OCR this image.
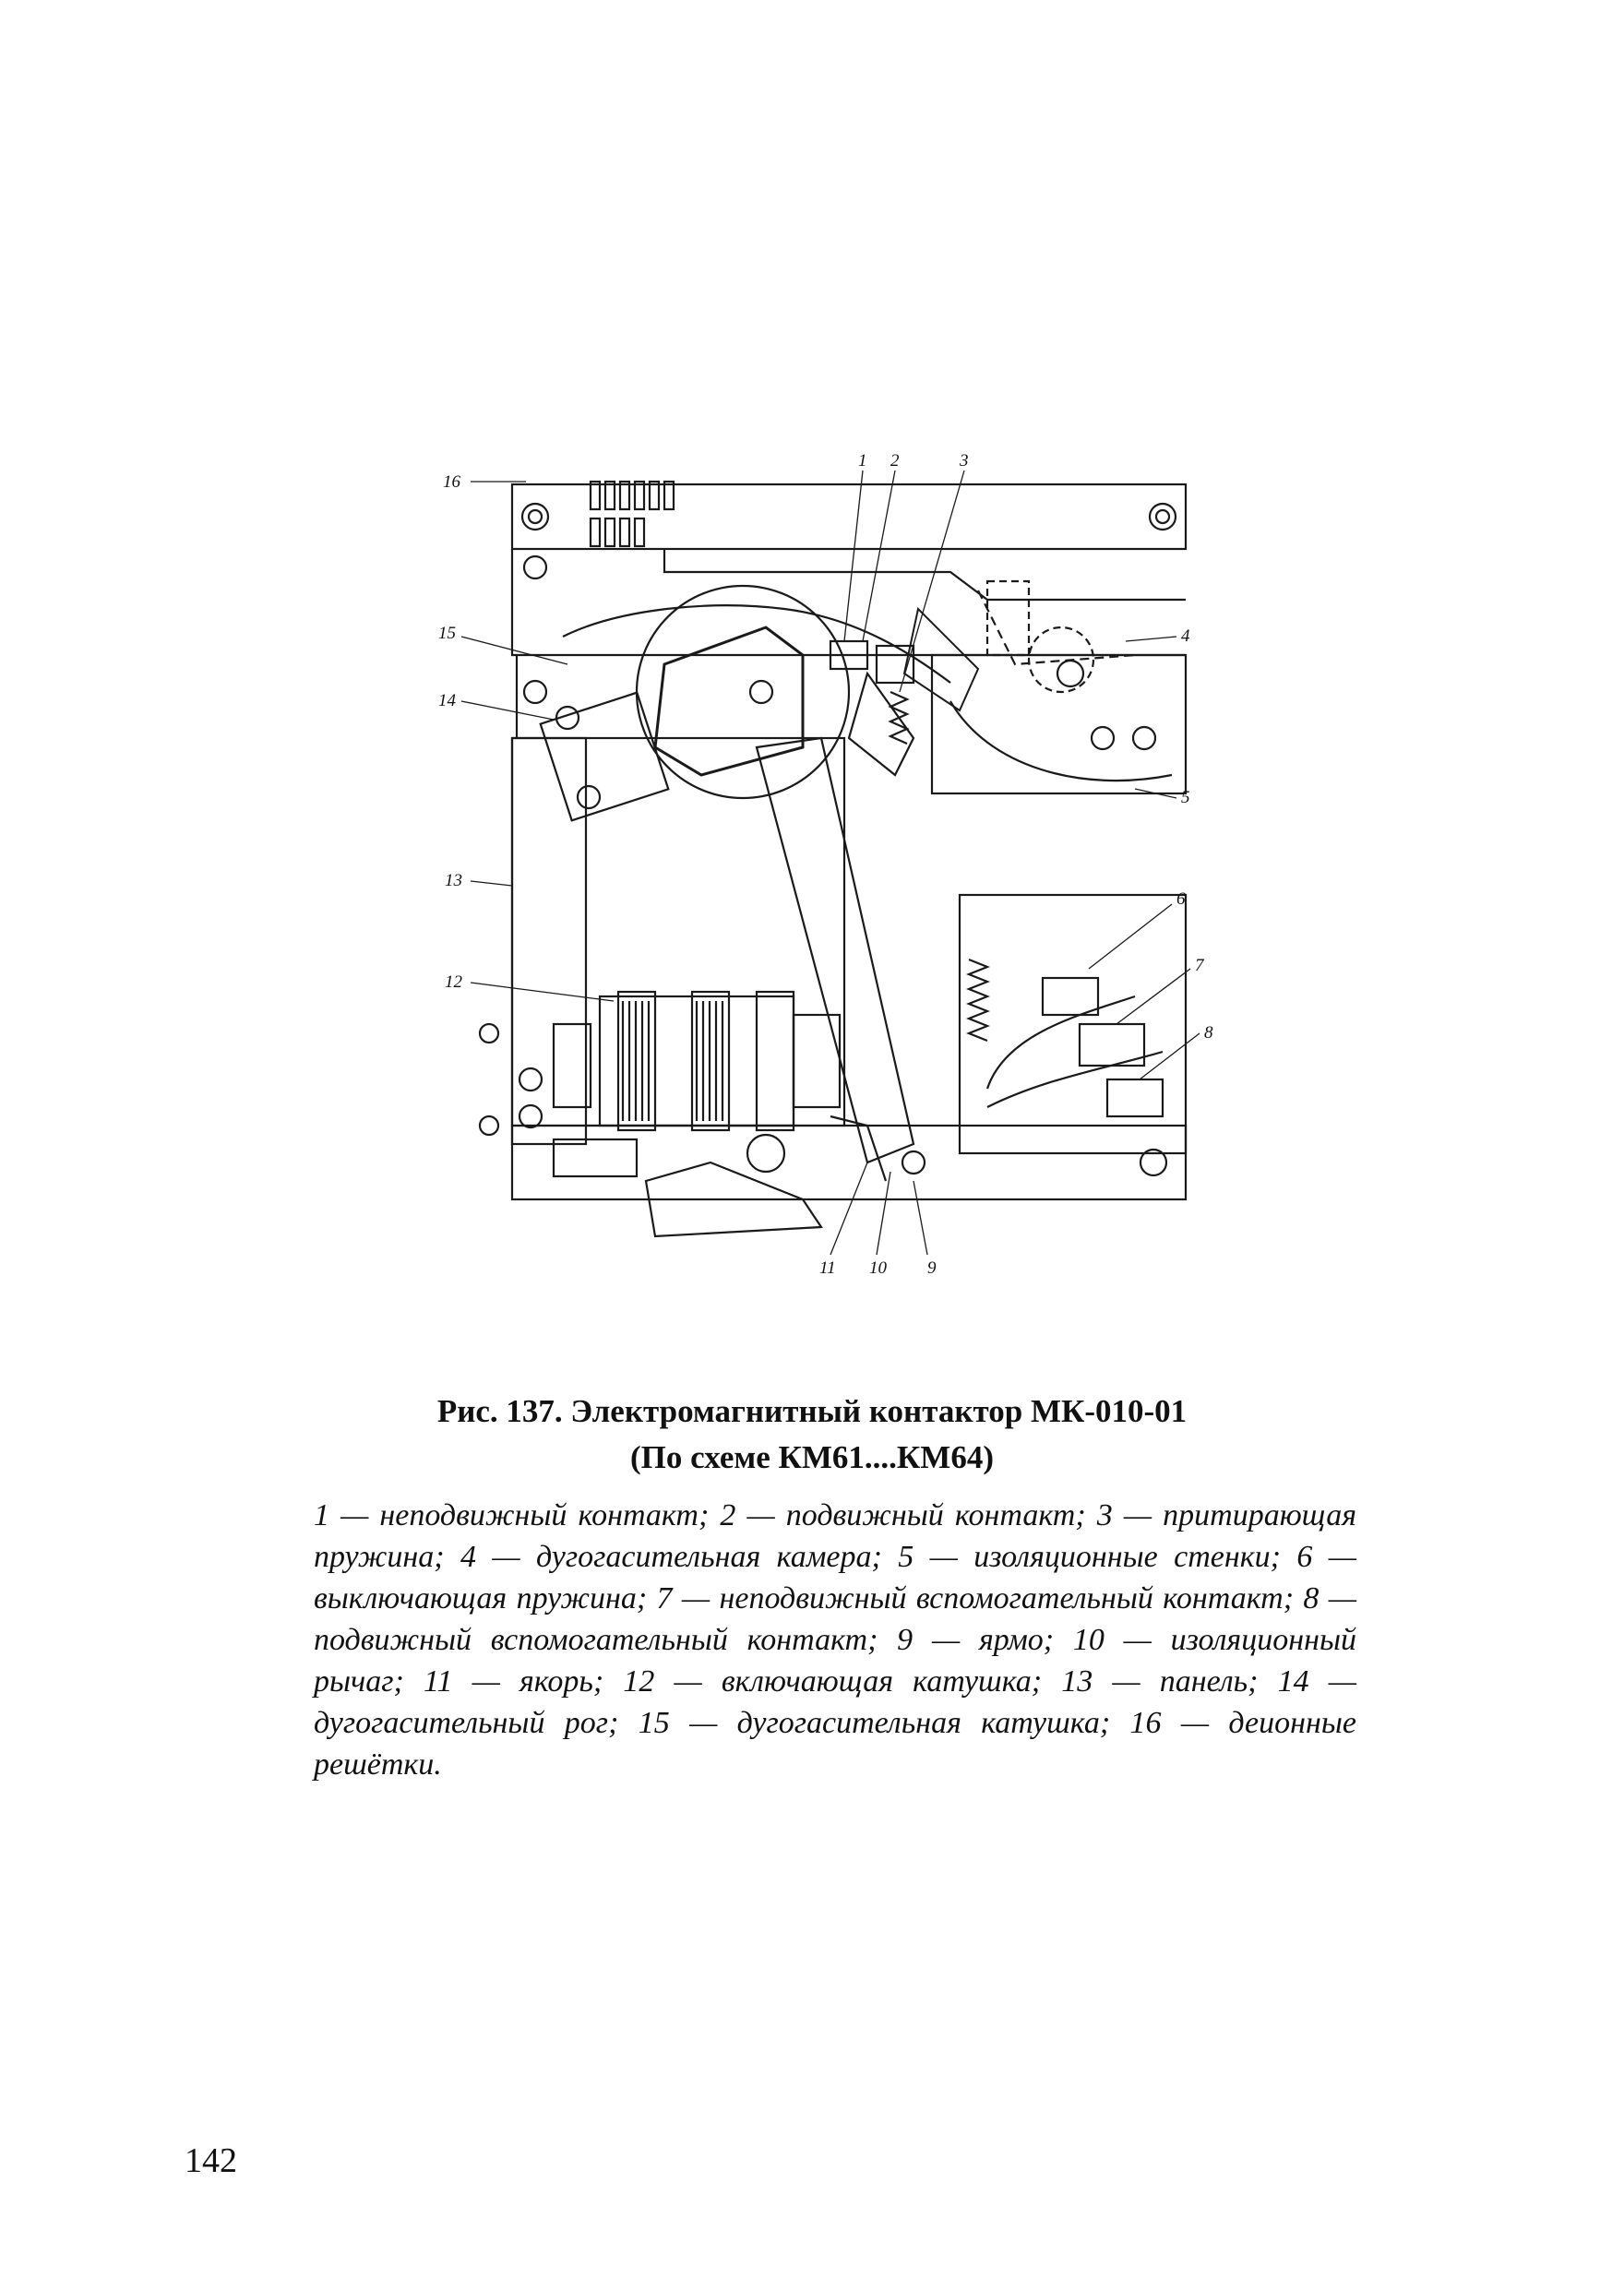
16
1 2	3
4
5
6
7
8
9
10
11
12
13
14
15
Рис. 137. Электромагнитный контактор МК-010-01
(По схеме КМ61....КМ64)
1 — неподвижный контакт; 2 — подвижный контакт; 3 — притирающая пружина; 4 — дугогасительная камера; 5 — изоляционные стенки; 6 — выключающая пружина; 7 — неподвижный вспомогательный контакт; 8 — подвижный вспомогательный контакт; 9 — ярмо; 10 — изоляционный рычаг; 11 — якорь; 12 — включающая катушка; 13 — панель; 14 — дугогасительный рог; 15 — дугогасительная катушка; 16 — деионные решётки.
142
